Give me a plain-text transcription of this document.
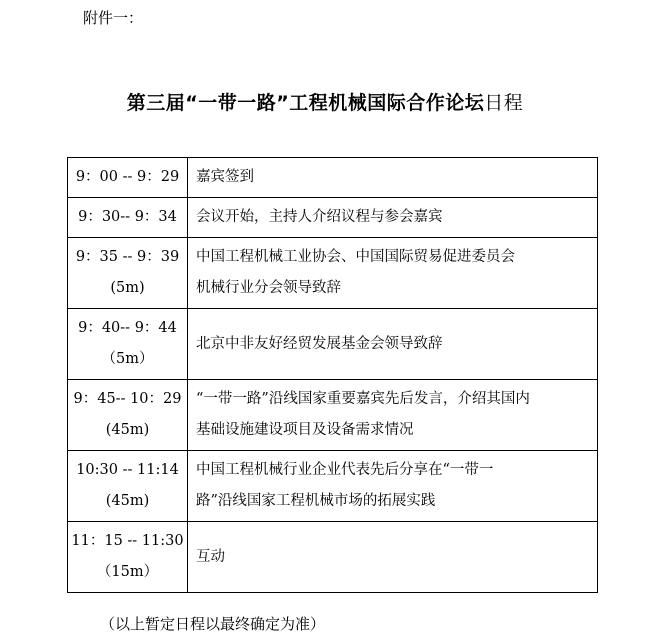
附件一：
第三届“一带一路”工程机械国际合作论坛日程
9：00 -- 9：29	嘉宾签到

9：30-- 9：34	会议开始，主持人介绍议程与参会嘉宾

9：35 -- 9：39
(5m)	中国工程机械工业协会、中国国际贸易促进委员会
机械行业分会领导致辞

9：40-- 9：44
（5m）	北京中非友好经贸发展基金会领导致辞

9：45-- 10：29
(45m)	“一带一路”沿线国家重要嘉宾先后发言，介绍其国内
基础设施建设项目及设备需求情况

10:30 -- 11:14
(45m)	中国工程机械行业企业代表先后分享在“一带一
路”沿线国家工程机械市场的拓展实践

11：15 -- 11:30
（15m）	互动
（以上暂定日程以最终确定为准）
